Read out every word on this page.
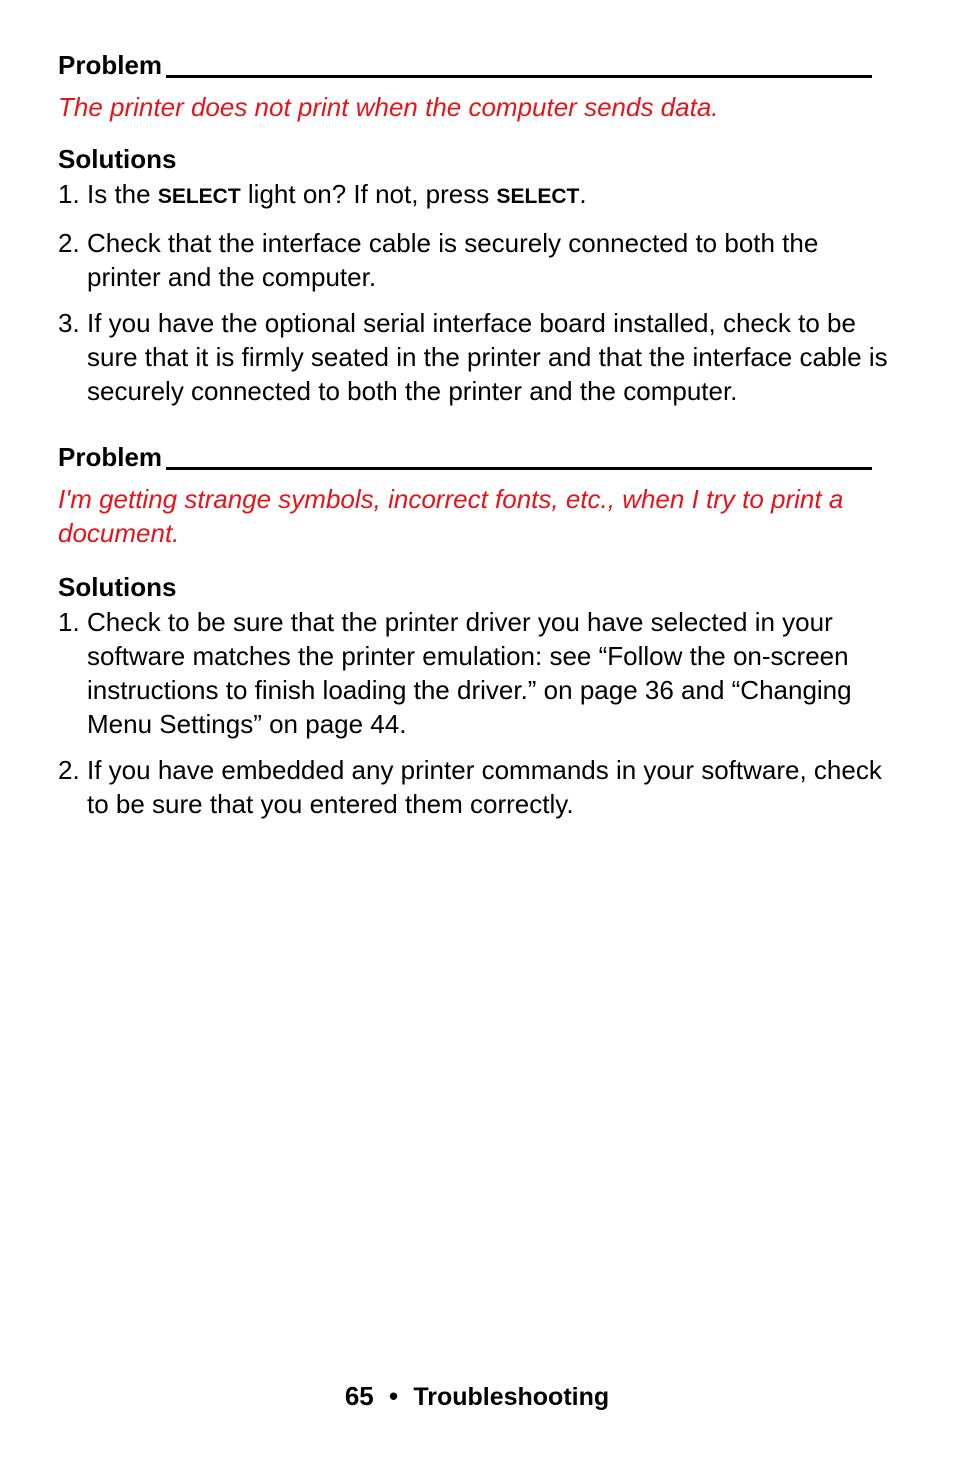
Problem
The printer does not print when the computer sends data.
Solutions
1. Is the SELECT light on? If not, press SELECT.
2. Check that the interface cable is securely connected to both the printer and the computer.
3. If you have the optional serial interface board installed, check to be sure that it is firmly seated in the printer and that the interface cable is securely connected to both the printer and the computer.
Problem
I'm getting strange symbols, incorrect fonts, etc., when I try to print a document.
Solutions
1. Check to be sure that the printer driver you have selected in your software matches the printer emulation: see “Follow the on-screen instructions to finish loading the driver.” on page 36 and “Changing Menu Settings” on page 44.
2. If you have embedded any printer commands in your software, check to be sure that you entered them correctly.
65 • Troubleshooting
